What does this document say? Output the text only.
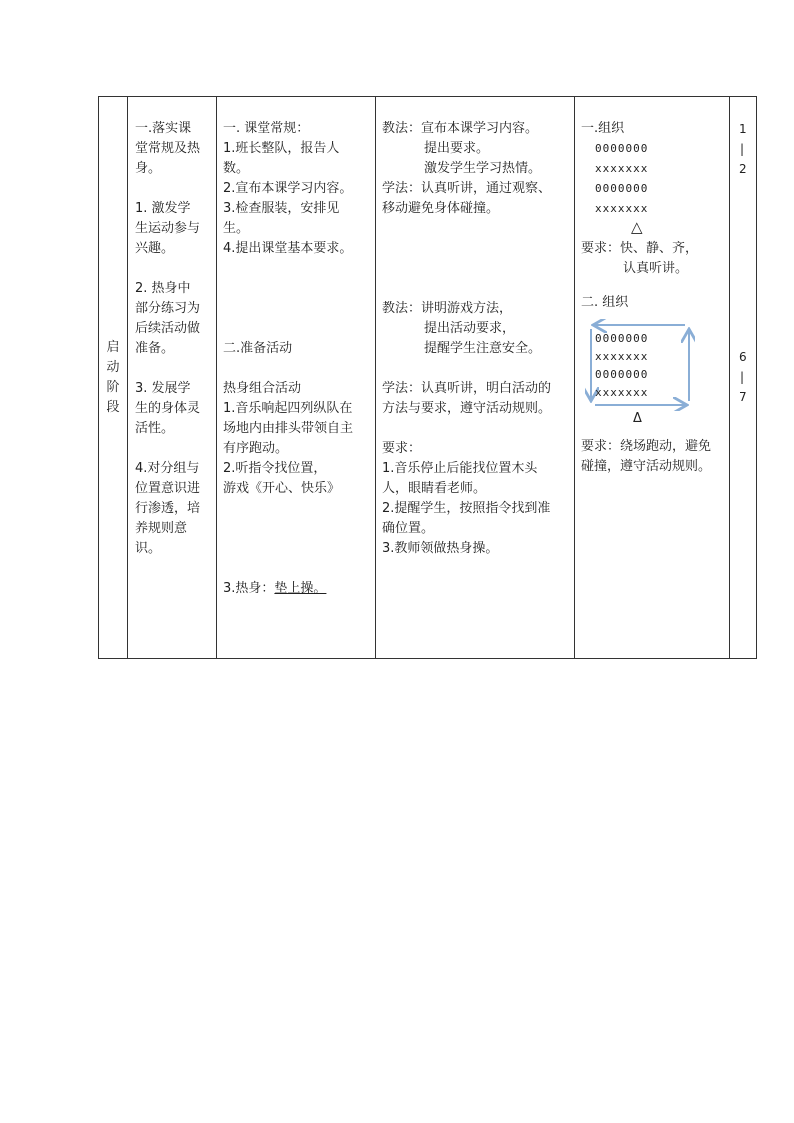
启
动
阶
段

一.落实课
堂常规及热
身。
1. 激发学
生运动参与
兴趣。
2. 热身中
部分练习为
后续活动做
准备。
3. 发展学
生的身体灵
活性。
4.对分组与
位置意识进
行渗透，培
养规则意
识。

一. 课堂常规：
1.班长整队，报告人
数。
2.宣布本课学习内容。
3.检查服装，安排见
生。
4.提出课堂基本要求。
二.准备活动
热身组合活动
1.音乐响起四列纵队在
场地内由排头带领自主
有序跑动。
2.听指令找位置，
游戏《开心、快乐》
3.热身：垫上操。

教法：宣布本课学习内容。
提出要求。
激发学生学习热情。
学法：认真听讲，通过观察、
移动避免身体碰撞。
教法：讲明游戏方法，
提出活动要求，
提醒学生注意安全。
学法：认真听讲，明白活动的
方法与要求，遵守活动规则。
要求：
1.音乐停止后能找位置木头
人，眼睛看老师。
2.提醒学生，按照指令找到准
确位置。
3.教师领做热身操。

一.组织
0000000
xxxxxxx
0000000
xxxxxxx
△
要求：快、静、齐，
认真听讲。
二. 组织
0000000
xxxxxxx
0000000
xxxxxxx
Δ
要求：绕场跑动，避免
碰撞，遵守活动规则。

1
|
2
6
|
7
